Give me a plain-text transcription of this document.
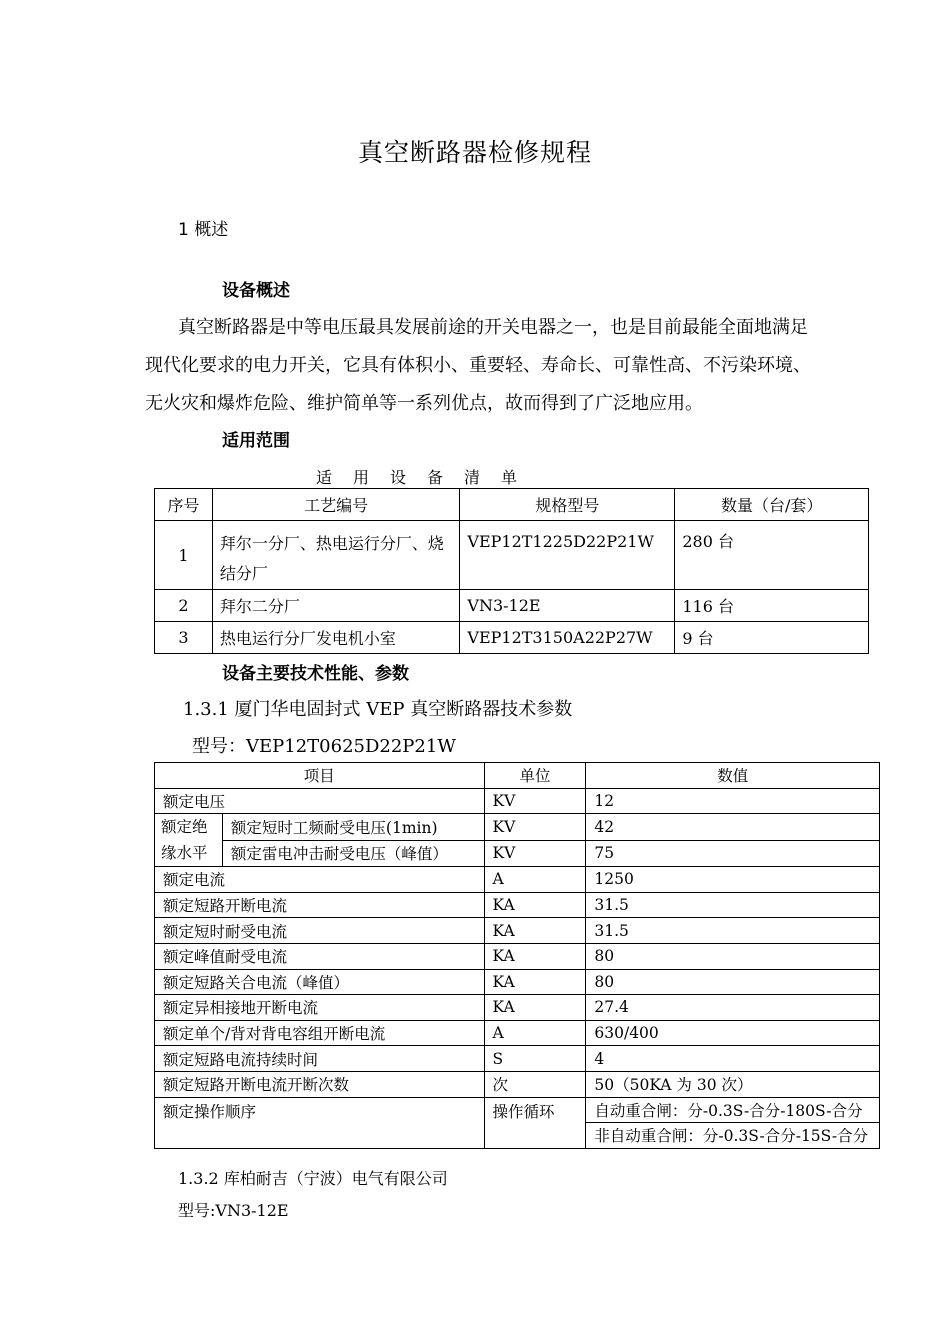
真空断路器检修规程
1 概述
设备概述
真空断路器是中等电压最具发展前途的开关电器之一，也是目前最能全面地满足现代化要求的电力开关，它具有体积小、重要轻、寿命长、可靠性高、不污染环境、无火灾和爆炸危险、维护简单等一系列优点，故而得到了广泛地应用。
适用范围
适用设备清单
序号	工艺编号	规格型号	数量（台/套）
1	拜尔一分厂、热电运行分厂、烧结分厂	VEP12T1225D22P21W	280 台
2	拜尔二分厂	VN3-12E	116 台
3	热电运行分厂发电机小室	VEP12T3150A22P27W	9 台
设备主要技术性能、参数
1.3.1 厦门华电固封式 VEP 真空断路器技术参数
型号：VEP12T0625D22P21W
项目		单位	数值
额定电压		KV	12
额定绝缘水平	额定短时工频耐受电压(1min)	KV	42
	额定雷电冲击耐受电压（峰值）	KV	75
额定电流		A	1250
额定短路开断电流		KA	31.5
额定短时耐受电流		KA	31.5
额定峰值耐受电流		KA	80
额定短路关合电流（峰值）		KA	80
额定异相接地开断电流		KA	27.4
额定单个/背对背电容组开断电流		A	630/400
额定短路电流持续时间		S	4
额定短路开断电流开断次数		次	50（50KA 为 30 次）
额定操作顺序		操作循环	自动重合闸：分-0.3S-合分-180S-合分
			非自动重合闸：分-0.3S-合分-15S-合分
1.3.2 库柏耐吉（宁波）电气有限公司
型号:VN3-12E
